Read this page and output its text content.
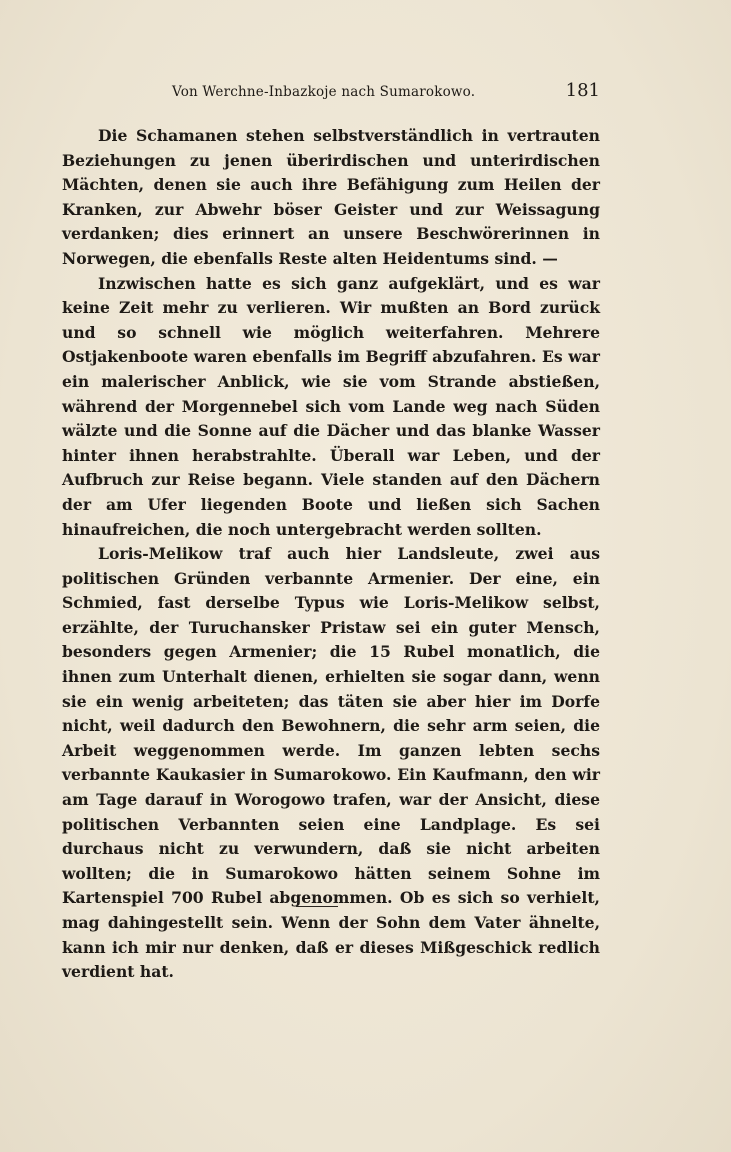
Von Werchne-Inbazkoje nach Sumarokowo.	181

Die Schamanen stehen selbstverständlich in vertrauten Beziehungen zu jenen überirdischen und unterirdischen Mächten, denen sie auch ihre Befähigung zum Heilen der Kranken, zur Abwehr böser Geister und zur Weissagung verdanken; dies erinnert an unsere Beschwörerinnen in Norwegen, die ebenfalls Reste alten Heidentums sind. —

Inzwischen hatte es sich ganz aufgeklärt, und es war keine Zeit mehr zu verlieren. Wir mußten an Bord zurück und so schnell wie möglich weiterfahren. Mehrere Ostjakenboote waren ebenfalls im Begriff abzufahren. Es war ein malerischer Anblick, wie sie vom Strande abstießen, während der Morgennebel sich vom Lande weg nach Süden wälzte und die Sonne auf die Dächer und das blanke Wasser hinter ihnen herabstrahlte. Überall war Leben, und der Aufbruch zur Reise begann. Viele standen auf den Dächern der am Ufer liegenden Boote und ließen sich Sachen hinaufreichen, die noch untergebracht werden sollten.

Loris-Melikow traf auch hier Landsleute, zwei aus politischen Gründen verbannte Armenier. Der eine, ein Schmied, fast derselbe Typus wie Loris-Melikow selbst, erzählte, der Turuchansker Pristaw sei ein guter Mensch, besonders gegen Armenier; die 15 Rubel monatlich, die ihnen zum Unterhalt dienen, erhielten sie sogar dann, wenn sie ein wenig arbeiteten; das täten sie aber hier im Dorfe nicht, weil dadurch den Bewohnern, die sehr arm seien, die Arbeit weggenommen werde. Im ganzen lebten sechs verbannte Kaukasier in Sumarokowo. Ein Kaufmann, den wir am Tage darauf in Worogowo trafen, war der Ansicht, diese politischen Verbannten seien eine Landplage. Es sei durchaus nicht zu verwundern, daß sie nicht arbeiten wollten; die in Sumarokowo hätten seinem Sohne im Kartenspiel 700 Rubel abgenommen. Ob es sich so verhielt, mag dahingestellt sein. Wenn der Sohn dem Vater ähnelte, kann ich mir nur denken, daß er dieses Mißgeschick redlich verdient hat.
